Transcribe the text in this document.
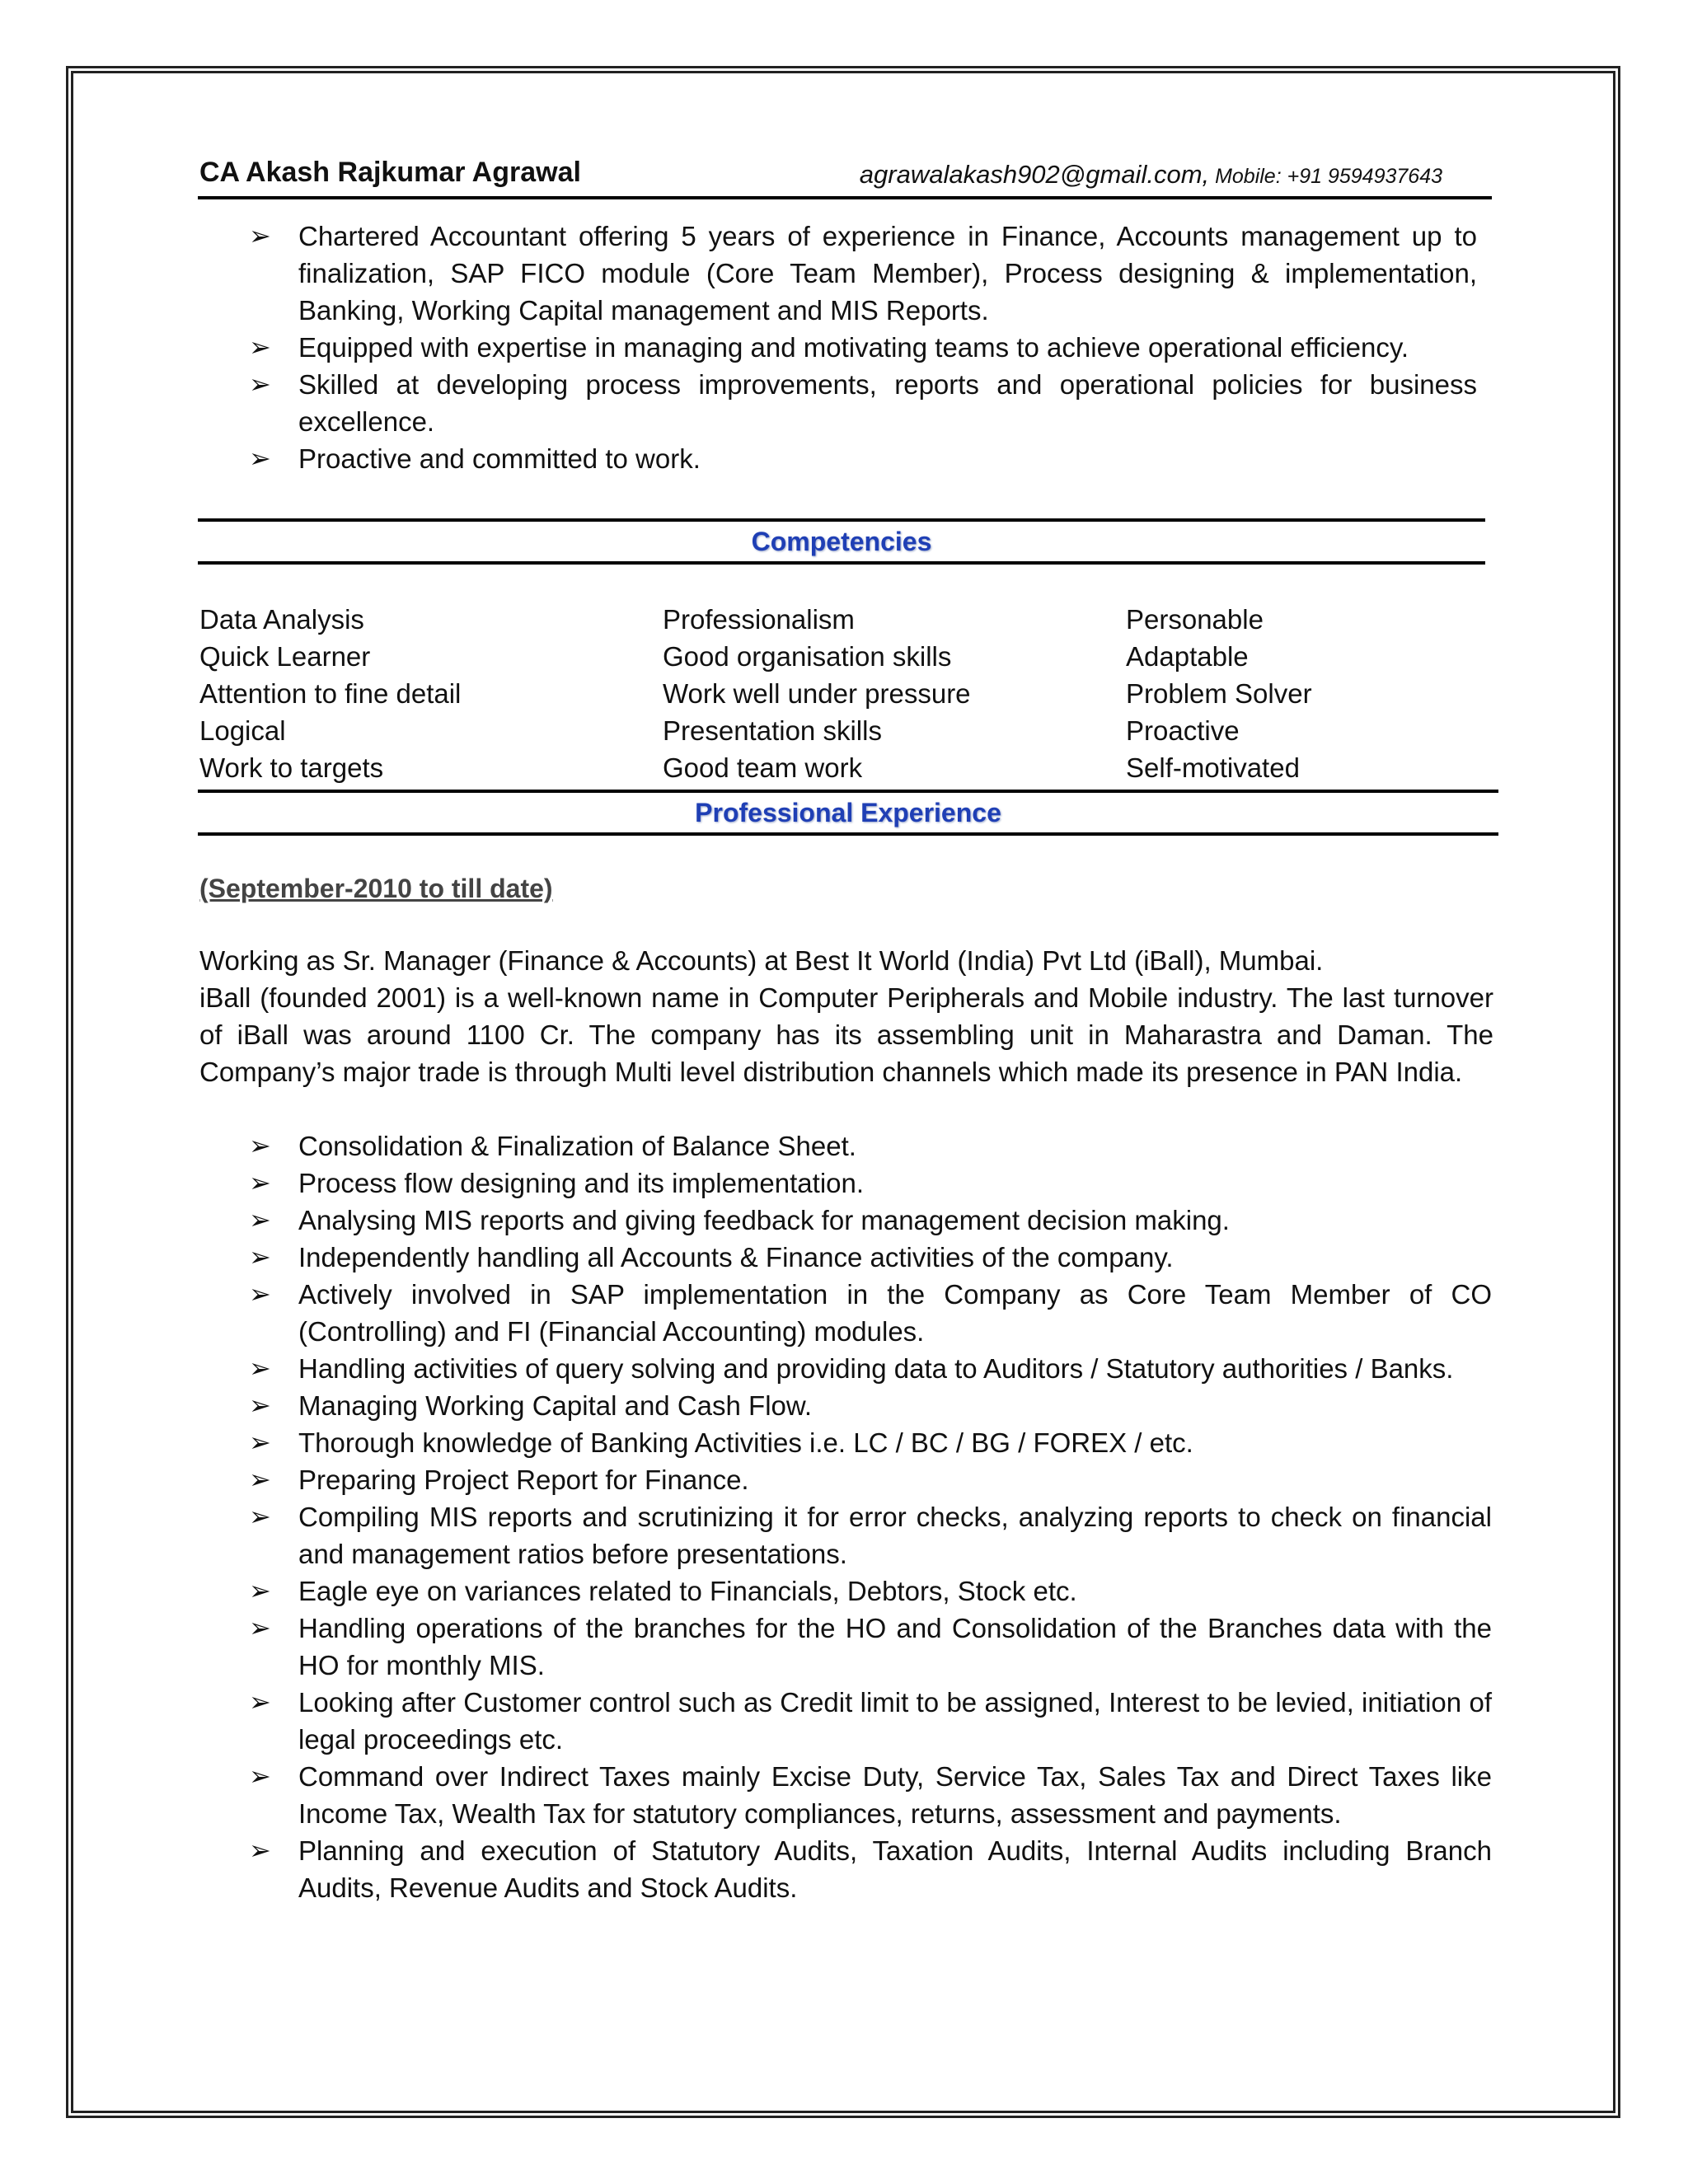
CA Akash Rajkumar Agrawal	agrawalakash902@gmail.com, Mobile: +91 9594937643
➢ Chartered Accountant offering 5 years of experience in Finance, Accounts management up to finalization, SAP FICO module (Core Team Member), Process designing & implementation, Banking, Working Capital management and MIS Reports.
➢ Equipped with expertise in managing and motivating teams to achieve operational efficiency.
➢ Skilled at developing process improvements, reports and operational policies for business excellence.
➢ Proactive and committed to work.
Competencies
Data Analysis	Professionalism	Personable
Quick Learner	Good organisation skills	Adaptable
Attention to fine detail	Work well under pressure	Problem Solver
Logical	Presentation skills	Proactive
Work to targets	Good team work	Self-motivated
Professional Experience
(September-2010 to till date)

Working as Sr. Manager (Finance & Accounts) at Best It World (India) Pvt Ltd (iBall), Mumbai.

iBall (founded 2001) is a well-known name in Computer Peripherals and Mobile industry. The last turnover of iBall was around 1100 Cr. The company has its assembling unit in Maharastra and Daman. The Company’s major trade is through Multi level distribution channels which made its presence in PAN India.

➢ Consolidation & Finalization of Balance Sheet.
➢ Process flow designing and its implementation.
➢ Analysing MIS reports and giving feedback for management decision making.
➢ Independently handling all Accounts & Finance activities of the company.
➢ Actively involved in SAP implementation in the Company as Core Team Member of CO (Controlling) and FI (Financial Accounting) modules.
➢ Handling activities of query solving and providing data to Auditors / Statutory authorities / Banks.
➢ Managing Working Capital and Cash Flow.
➢ Thorough knowledge of Banking Activities i.e. LC / BC / BG / FOREX / etc.
➢ Preparing Project Report for Finance.
➢ Compiling MIS reports and scrutinizing it for error checks, analyzing reports to check on financial and management ratios before presentations.
➢ Eagle eye on variances related to Financials, Debtors, Stock etc.
➢ Handling operations of the branches for the HO and Consolidation of the Branches data with the HO for monthly MIS.
➢ Looking after Customer control such as Credit limit to be assigned, Interest to be levied, initiation of legal proceedings etc.
➢ Command over Indirect Taxes mainly Excise Duty, Service Tax, Sales Tax and Direct Taxes like Income Tax, Wealth Tax for statutory compliances, returns, assessment and payments.
➢ Planning and execution of Statutory Audits, Taxation Audits, Internal Audits including Branch Audits, Revenue Audits and Stock Audits.
